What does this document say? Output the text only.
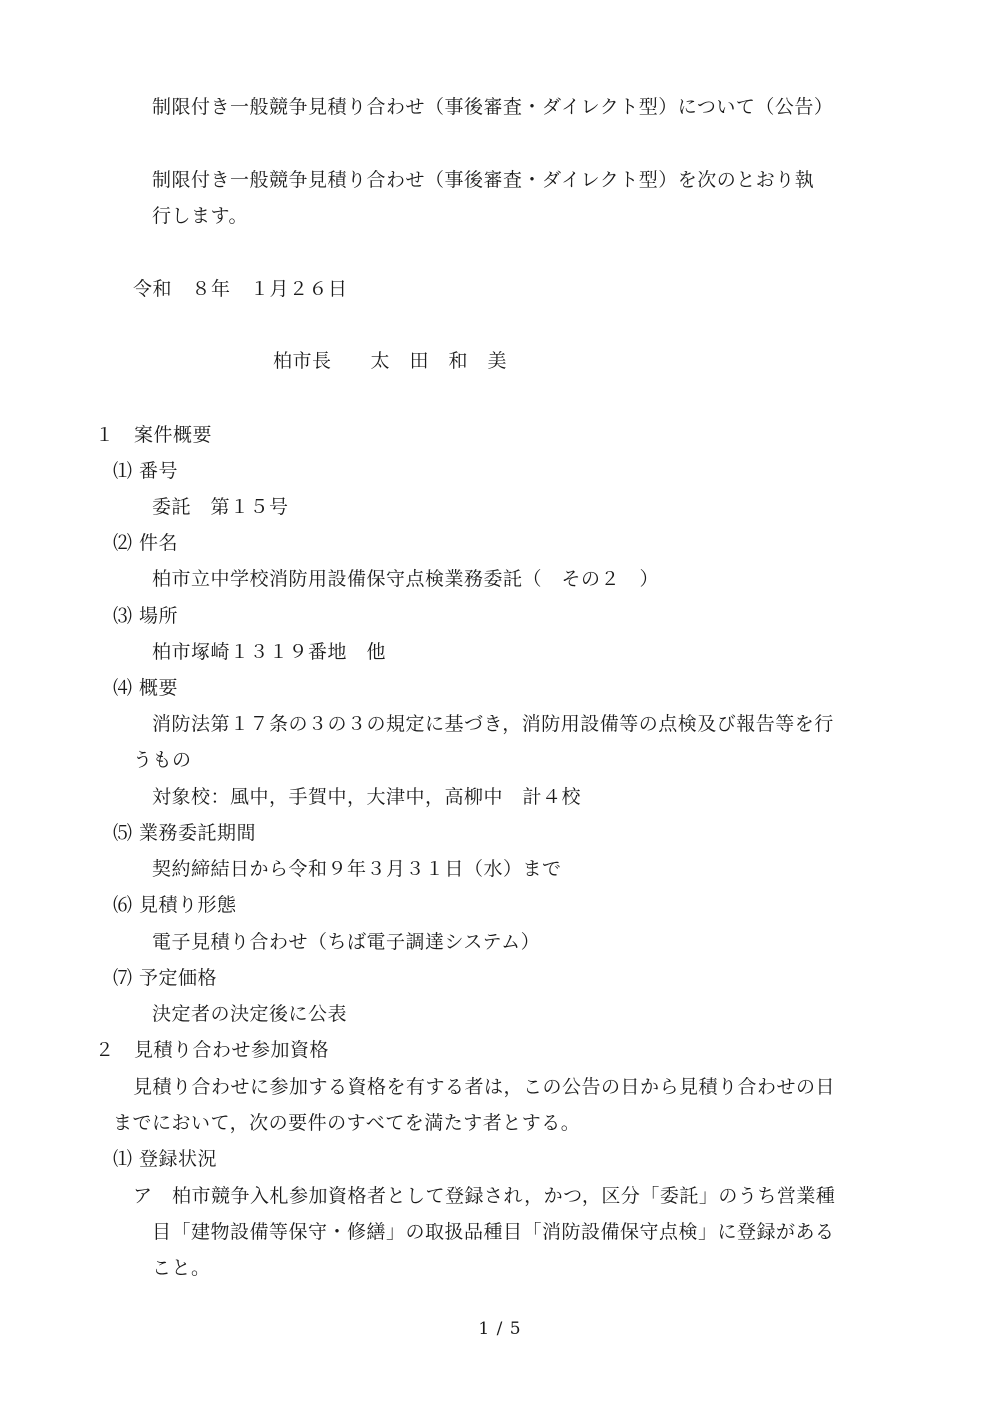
制限付き一般競争見積り合わせ（事後審査・ダイレクト型）について（公告）
制限付き一般競争見積り合わせ（事後審査・ダイレクト型）を次のとおり執
行します。
令和　８年　１月２６日
柏市長　　太　田　和　美
１　案件概要
⑴ 番号
委託　第１５号
⑵ 件名
柏市立中学校消防用設備保守点検業務委託（　その２　）
⑶ 場所
柏市塚崎１３１９番地　他
⑷ 概要
消防法第１７条の３の３の規定に基づき，消防用設備等の点検及び報告等を行
うもの
対象校：風中，手賀中，大津中，高柳中　計４校
⑸ 業務委託期間
契約締結日から令和９年３月３１日（水）まで
⑹ 見積り形態
電子見積り合わせ（ちば電子調達システム）
⑺ 予定価格
決定者の決定後に公表
２　見積り合わせ参加資格
見積り合わせに参加する資格を有する者は，この公告の日から見積り合わせの日
までにおいて，次の要件のすべてを満たす者とする。
⑴ 登録状況
ア　柏市競争入札参加資格者として登録され，かつ，区分「委託」のうち営業種
目「建物設備等保守・修繕」の取扱品種目「消防設備保守点検」に登録がある
こと。
1 / 5
